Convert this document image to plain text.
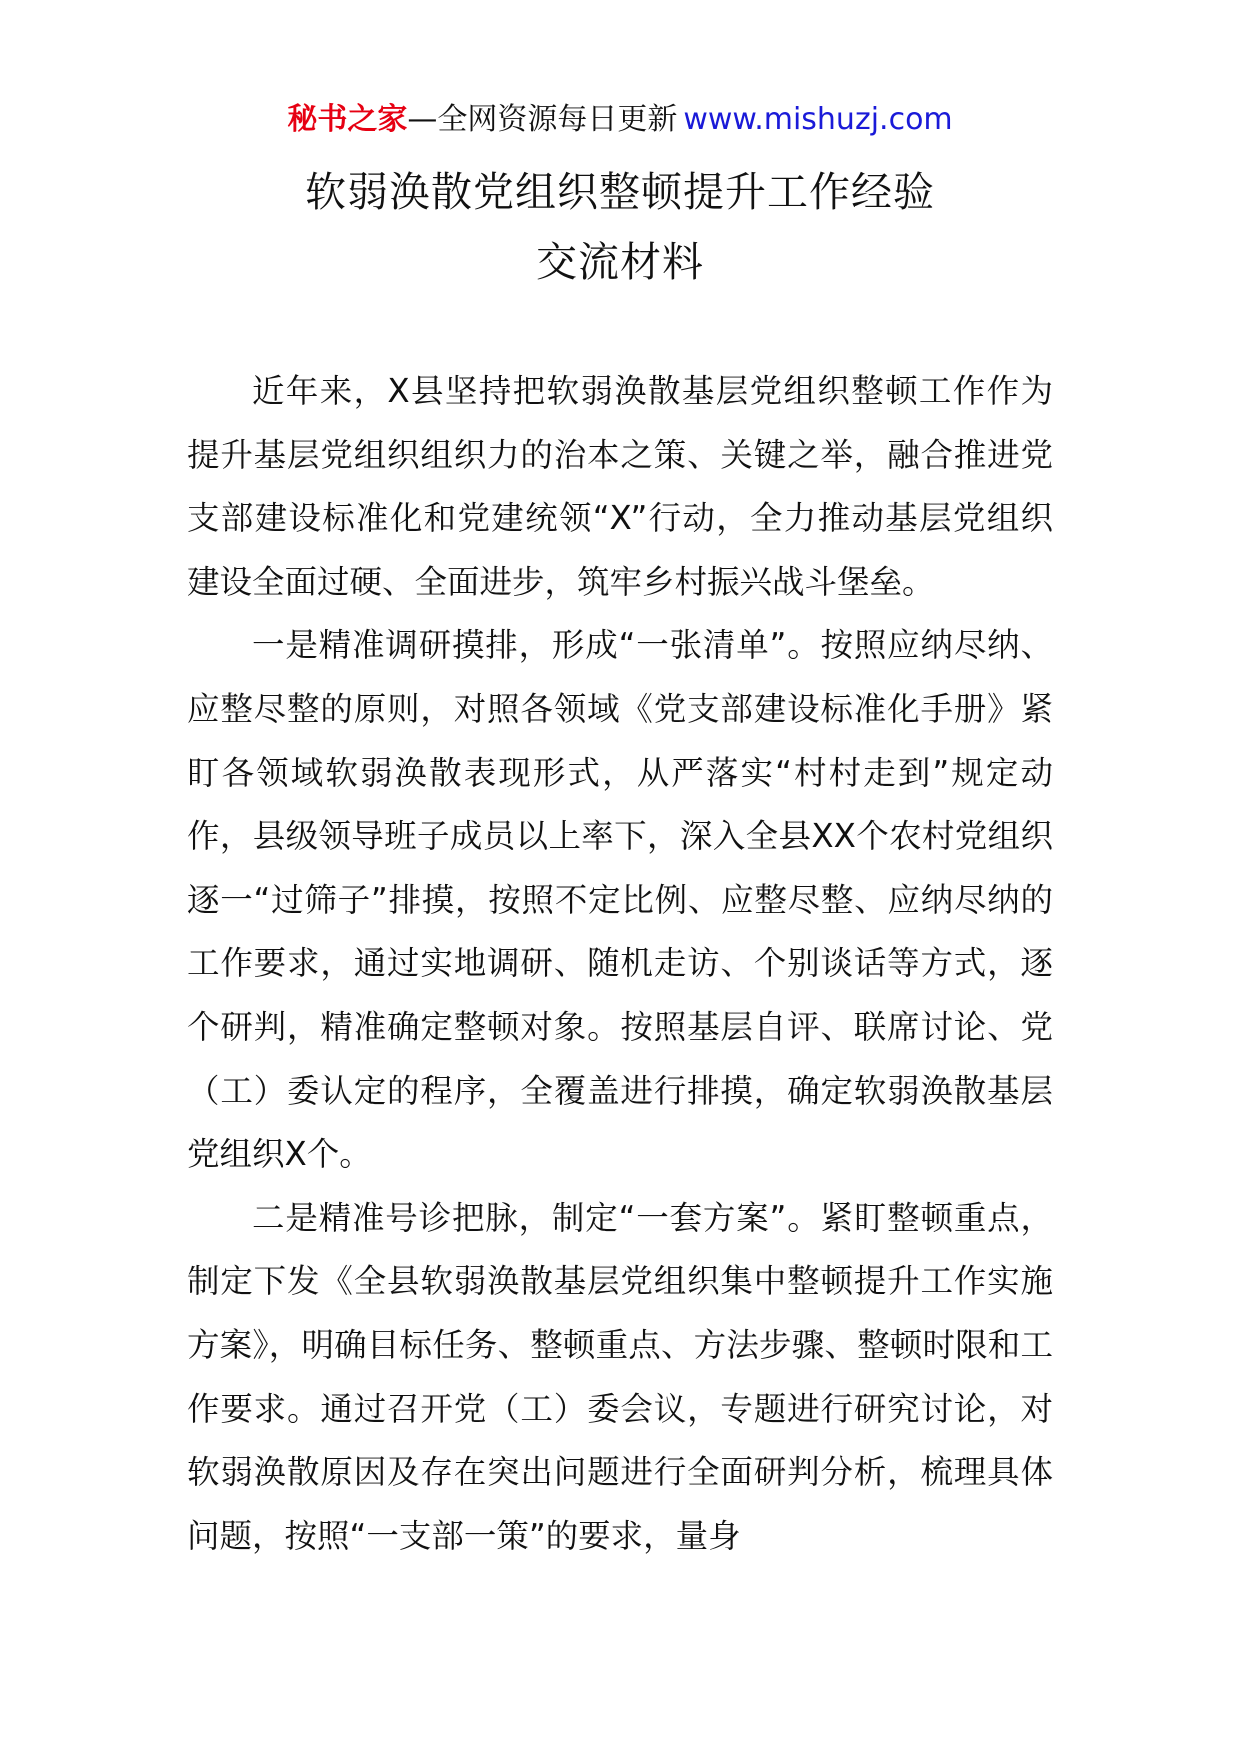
秘书之家—全网资源每日更新 www.mishuzj.com
软弱涣散党组织整顿提升工作经验
交流材料

近年来，X县坚持把软弱涣散基层党组织整顿工作作为提升基层党组织组织力的治本之策、关键之举，融合推进党支部建设标准化和党建统领“X”行动，全力推动基层党组织建设全面过硬、全面进步，筑牢乡村振兴战斗堡垒。

一是精准调研摸排，形成“一张清单”。按照应纳尽纳、应整尽整的原则，对照各领域《党支部建设标准化手册》紧盯各领域软弱涣散表现形式，从严落实“村村走到”规定动作，县级领导班子成员以上率下，深入全县XX个农村党组织逐一“过筛子”排摸，按照不定比例、应整尽整、应纳尽纳的工作要求，通过实地调研、随机走访、个别谈话等方式，逐个研判，精准确定整顿对象。按照基层自评、联席讨论、党（工）委认定的程序，全覆盖进行排摸，确定软弱涣散基层党组织X个。

二是精准号诊把脉，制定“一套方案”。紧盯整顿重点，制定下发《全县软弱涣散基层党组织集中整顿提升工作实施方案》，明确目标任务、整顿重点、方法步骤、整顿时限和工作要求。通过召开党（工）委会议，专题进行研究讨论，对软弱涣散原因及存在突出问题进行全面研判分析，梳理具体问题，按照“一支部一策”的要求，量身
